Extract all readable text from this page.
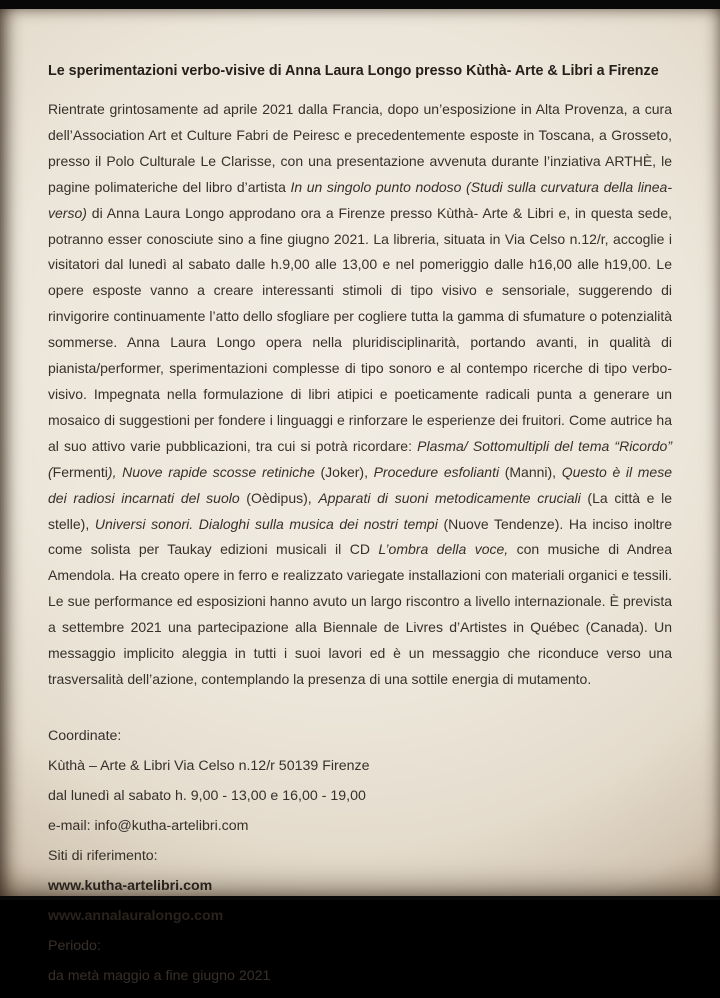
Le sperimentazioni verbo-visive di Anna Laura Longo presso Kùthà- Arte & Libri a Firenze

Rientrate grintosamente ad aprile 2021 dalla Francia, dopo un’esposizione in Alta Provenza, a cura dell’Association Art et Culture Fabri de Peiresc e precedentemente esposte in Toscana, a Grosseto, presso il Polo Culturale Le Clarisse, con una presentazione avvenuta durante l’inziativa ARTHÈ, le pagine polimateriche del libro d’artista In un singolo punto nodoso (Studi sulla curvatura della linea-verso) di Anna Laura Longo approdano ora a Firenze presso Kùthà- Arte & Libri e, in questa sede, potranno esser conosciute sino a fine giugno 2021. La libreria, situata in Via Celso n.12/r, accoglie i visitatori dal lunedì al sabato dalle h.9,00 alle 13,00 e nel pomeriggio dalle h16,00 alle h19,00. Le opere esposte vanno a creare interessanti stimoli di tipo visivo e sensoriale, suggerendo di rinvigorire continuamente l’atto dello sfogliare per cogliere tutta la gamma di sfumature o potenzialità sommerse. Anna Laura Longo opera nella pluridisciplinarità, portando avanti, in qualità di pianista/performer, sperimentazioni complesse di tipo sonoro e al contempo ricerche di tipo verbo-visivo. Impegnata nella formulazione di libri atipici e poeticamente radicali punta a generare un mosaico di suggestioni per fondere i linguaggi e rinforzare le esperienze dei fruitori. Come autrice ha al suo attivo varie pubblicazioni, tra cui si potrà ricordare: Plasma/ Sottomultipli del tema “Ricordo” (Fermenti), Nuove rapide scosse retiniche (Joker), Procedure esfolianti (Manni), Questo è il mese dei radiosi incarnati del suolo (Oèdipus), Apparati di suoni metodicamente cruciali (La città e le stelle), Universi sonori. Dialoghi sulla musica dei nostri tempi (Nuove Tendenze). Ha inciso inoltre come solista per Taukay edizioni musicali il CD L’ombra della voce, con musiche di Andrea Amendola. Ha creato opere in ferro e realizzato variegate installazioni con materiali organici e tessili. Le sue performance ed esposizioni hanno avuto un largo riscontro a livello internazionale. È prevista a settembre 2021 una partecipazione alla Biennale de Livres d’Artistes in Québec (Canada). Un messaggio implicito aleggia in tutti i suoi lavori ed è un messaggio che riconduce verso una trasversalità dell’azione, contemplando la presenza di una sottile energia di mutamento.

Coordinate:
Kùthà – Arte & Libri Via Celso n.12/r 50139 Firenze
dal lunedì al sabato h. 9,00 - 13,00 e 16,00 - 19,00
e-mail: info@kutha-artelibri.com
Siti di riferimento:
www.kutha-artelibri.com
www.annalauralongo.com
Periodo:
da metà maggio a fine giugno 2021
